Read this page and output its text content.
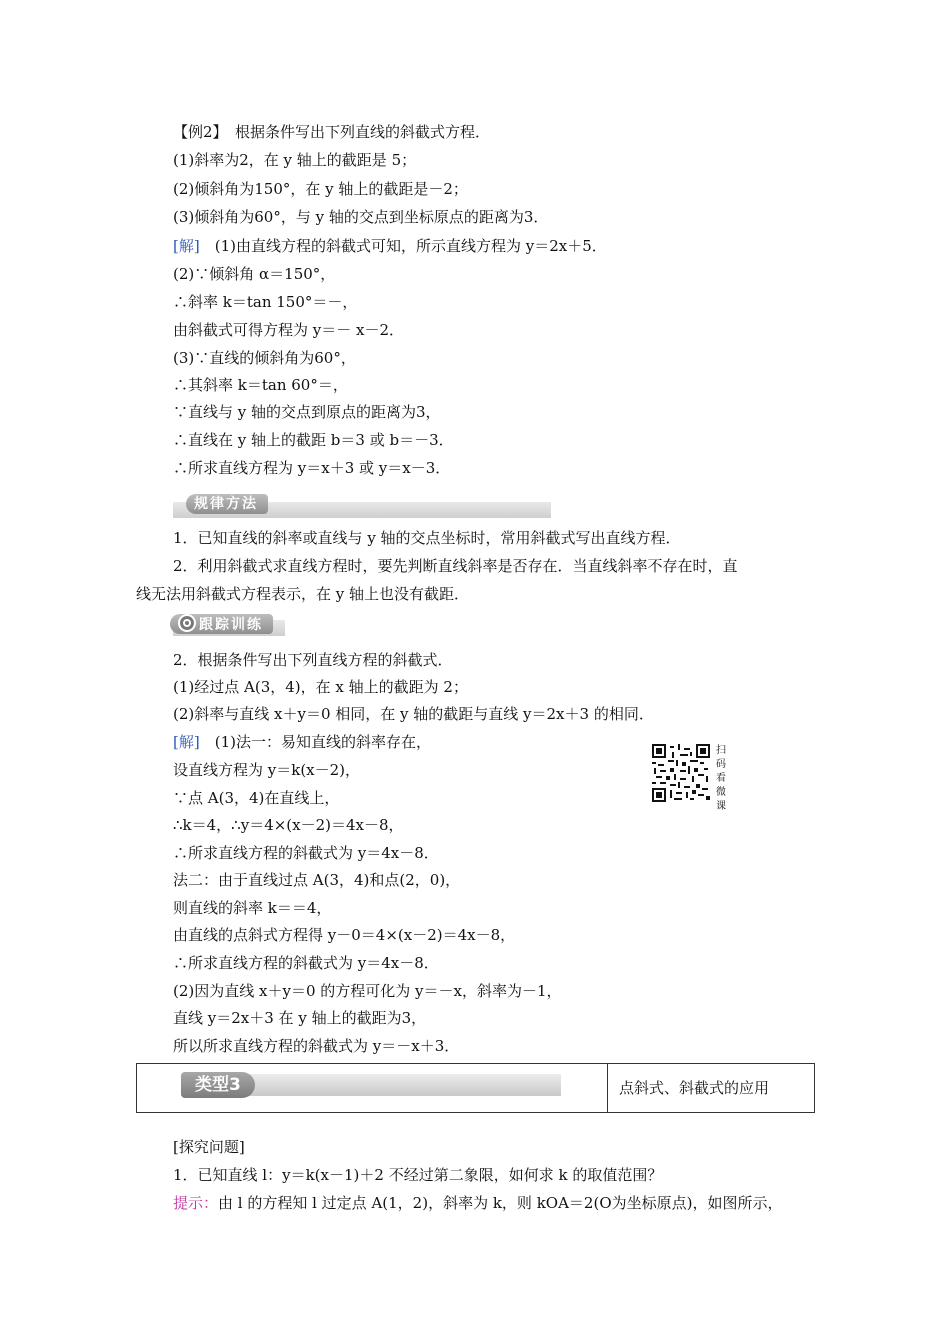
【例2】　根据条件写出下列直线的斜截式方程．
(1)斜率为2，在 y 轴上的截距是 5；
(2)倾斜角为150°，在 y 轴上的截距是－2；
(3)倾斜角为60°，与 y 轴的交点到坐标原点的距离为3．
[解]　(1)由直线方程的斜截式可知，所示直线方程为 y＝2x＋5．
(2)∵倾斜角 α＝150°，
∴斜率 k＝tan 150°＝－，
由斜截式可得方程为 y＝－ x－2．
(3)∵直线的倾斜角为60°，
∴其斜率 k＝tan 60°＝，
∵直线与 y 轴的交点到原点的距离为3，
∴直线在 y 轴上的截距 b＝3 或 b＝－3．
∴所求直线方程为 y＝x＋3 或 y＝x－3．
规律方法
1．已知直线的斜率或直线与 y 轴的交点坐标时，常用斜截式写出直线方程．
2．利用斜截式求直线方程时，要先判断直线斜率是否存在．当直线斜率不存在时，直
线无法用斜截式方程表示，在 y 轴上也没有截距．
跟踪训练
2．根据条件写出下列直线方程的斜截式．
(1)经过点 A(3，4)，在 x 轴上的截距为 2；
(2)斜率与直线 x＋y＝0 相同，在 y 轴的截距与直线 y＝2x＋3 的相同．
[解]　(1)法一：易知直线的斜率存在，
设直线方程为 y＝k(x－2)，
∵点 A(3，4)在直线上，
∴k＝4，∴y＝4×(x－2)＝4x－8，
∴所求直线方程的斜截式为 y＝4x－8．
法二：由于直线过点 A(3，4)和点(2，0)，
则直线的斜率 k＝＝4，
由直线的点斜式方程得 y－0＝4×(x－2)＝4x－8，
∴所求直线方程的斜截式为 y＝4x－8．
(2)因为直线 x＋y＝0 的方程可化为 y＝－x，斜率为－1，
直线 y＝2x＋3 在 y 轴上的截距为3，
所以所求直线方程的斜截式为 y＝－x＋3．
扫码看微课
类型3	点斜式、斜截式的应用
[探究问题]
1．已知直线 l：y＝k(x－1)＋2 不经过第二象限，如何求 k 的取值范围？
提示：由 l 的方程知 l 过定点 A(1，2)，斜率为 k，则 kOA＝2(O为坐标原点)，如图所示，
